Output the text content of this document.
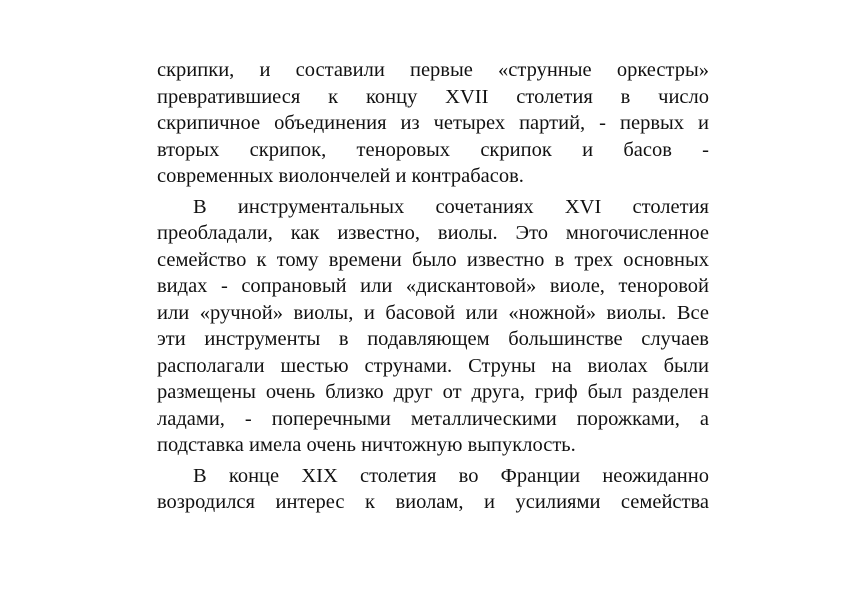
скрипки, и составили первые «струнные оркестры»
превратившиеся к концу XVII столетия в число
скрипичное объединения из четырех партий, - первых и
вторых скрипок, теноровых скрипок и басов -
современных виолончелей и контрабасов.

В инструментальных сочетаниях XVI столетия
преобладали, как известно, виолы. Это многочисленное
семейство к тому времени было известно в трех основных
видах - сопрановый или «дискантовой» виоле, теноровой
или «ручной» виолы, и басовой или «ножной» виолы. Все
эти инструменты в подавляющем большинстве случаев
располагали шестью струнами. Струны на виолах были
размещены очень близко друг от друга, гриф был разделен
ладами, - поперечными металлическими порожками, а
подставка имела очень ничтожную выпуклость.

В конце XIX столетия во Франции неожиданно
возродился интерес к виолам, и усилиями семейства
